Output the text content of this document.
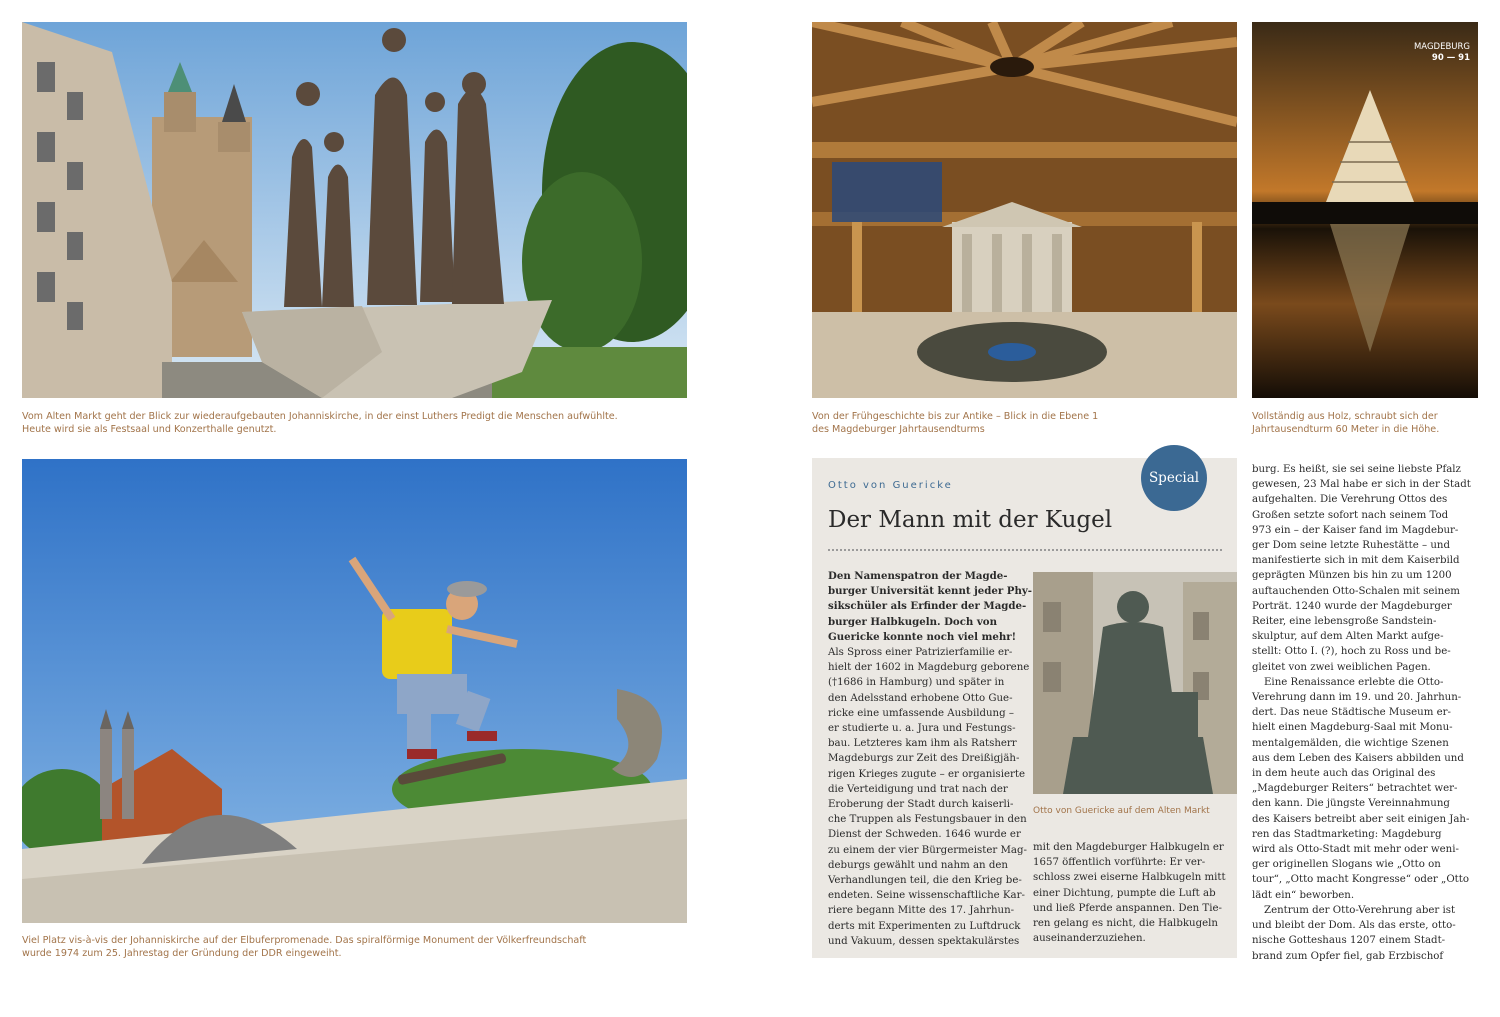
Vom Alten Markt geht der Blick zur wiederaufgebauten Johanniskirche, in der einst Luthers Predigt die Menschen aufwühlte.
Heute wird sie als Festsaal und Konzerthalle genutzt.

Von der Frühgeschichte bis zur Antike – Blick in die Ebene 1
des Magdeburger Jahrtausendturms

MAGDEBURG
90 — 91

Vollständig aus Holz, schraubt sich der
Jahrtausendturm 60 Meter in die Höhe.

Viel Platz vis-à-vis der Johanniskirche auf der Elbuferpromenade. Das spiralförmige Monument der Völkerfreundschaft
wurde 1974 zum 25. Jahrestag der Gründung der DDR eingeweiht.

Special
Otto von Guericke
Der Mann mit der Kugel
Otto von Guericke auf dem Alten Markt
Den Namenspatron der Magde-
burger Universität kennt jeder Phy-
sikschüler als Erfinder der Magde-
burger Halbkugeln. Doch von
Guericke konnte noch viel mehr!
Als Spross einer Patrizierfamilie er-
hielt der 1602 in Magdeburg geborene
(†1686 in Hamburg) und später in
den Adelsstand erhobene Otto Gue-
ricke eine umfassende Ausbildung –
er studierte u. a. Jura und Festungs-
bau. Letzteres kam ihm als Ratsherr
Magdeburgs zur Zeit des Dreißigjäh-
rigen Krieges zugute – er organisierte
die Verteidigung und trat nach der
Eroberung der Stadt durch kaiserli-
che Truppen als Festungsbauer in den
Dienst der Schweden. 1646 wurde er
zu einem der vier Bürgermeister Mag-
deburgs gewählt und nahm an den
Verhandlungen teil, die den Krieg be-
endeten. Seine wissenschaftliche Kar-
riere begann Mitte des 17. Jahrhun-
derts mit Experimenten zu Luftdruck
und Vakuum, dessen spektakulärstes
mit den Magdeburger Halbkugeln er
1657 öffentlich vorführte: Er ver-
schloss zwei eiserne Halbkugeln mitt
einer Dichtung, pumpte die Luft ab
und ließ Pferde anspannen. Den Tie-
ren gelang es nicht, die Halbkugeln
auseinanderzuziehen.
burg. Es heißt, sie sei seine liebste Pfalz
gewesen, 23 Mal habe er sich in der Stadt
aufgehalten. Die Verehrung Ottos des
Großen setzte sofort nach seinem Tod
973 ein – der Kaiser fand im Magdebur-
ger Dom seine letzte Ruhestätte – und
manifestierte sich in mit dem Kaiserbild
geprägten Münzen bis hin zu um 1200
auftauchenden Otto-Schalen mit seinem
Porträt. 1240 wurde der Magdeburger
Reiter, eine lebensgroße Sandstein-
skulptur, auf dem Alten Markt aufge-
stellt: Otto I. (?), hoch zu Ross und be-
gleitet von zwei weiblichen Pagen.
Eine Renaissance erlebte die Otto-
Verehrung dann im 19. und 20. Jahrhun-
dert. Das neue Städtische Museum er-
hielt einen Magdeburg-Saal mit Monu-
mentalgemälden, die wichtige Szenen
aus dem Leben des Kaisers abbilden und
in dem heute auch das Original des
„Magdeburger Reiters“ betrachtet wer-
den kann. Die jüngste Vereinnahmung
des Kaisers betreibt aber seit einigen Jah-
ren das Stadtmarketing: Magdeburg
wird als Otto-Stadt mit mehr oder weni-
ger originellen Slogans wie „Otto on
tour“, „Otto macht Kongresse“ oder „Otto
lädt ein“ beworben.
Zentrum der Otto-Verehrung aber ist
und bleibt der Dom. Als das erste, otto-
nische Gotteshaus 1207 einem Stadt-
brand zum Opfer fiel, gab Erzbischof
